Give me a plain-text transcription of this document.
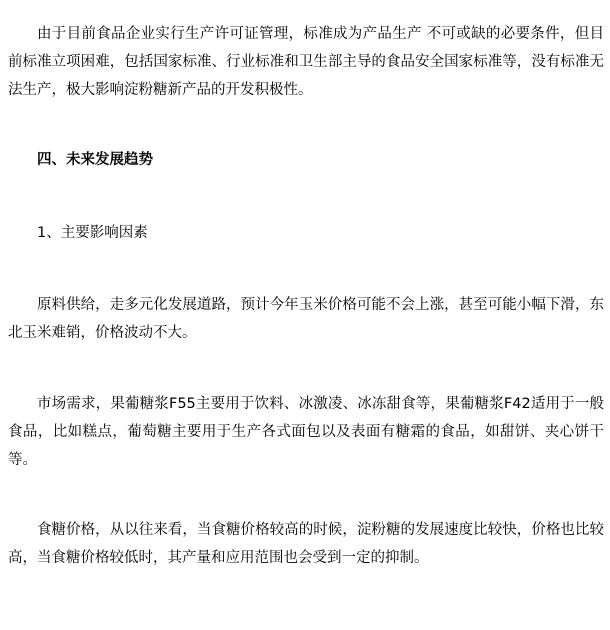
由于目前食品企业实行生产许可证管理，标准成为产品生产 不可或缺的必要条件，但目前标准立项困难，包括国家标准、行业标准和卫生部主导的食品安全国家标准等，没有标准无法生产，极大影响淀粉糖新产品的开发积极性。

四、未来发展趋势

1、主要影响因素

原料供给，走多元化发展道路，预计今年玉米价格可能不会上涨，甚至可能小幅下滑，东北玉米难销，价格波动不大。

市场需求，果葡糖浆F55主要用于饮料、冰激凌、冰冻甜食等，果葡糖浆F42适用于一般食品，比如糕点，葡萄糖主要用于生产各式面包以及表面有糖霜的食品，如甜饼、夹心饼干等。

食糖价格，从以往来看，当食糖价格较高的时候，淀粉糖的发展速度比较快，价格也比较高，当食糖价格较低时，其产量和应用范围也会受到一定的抑制。
